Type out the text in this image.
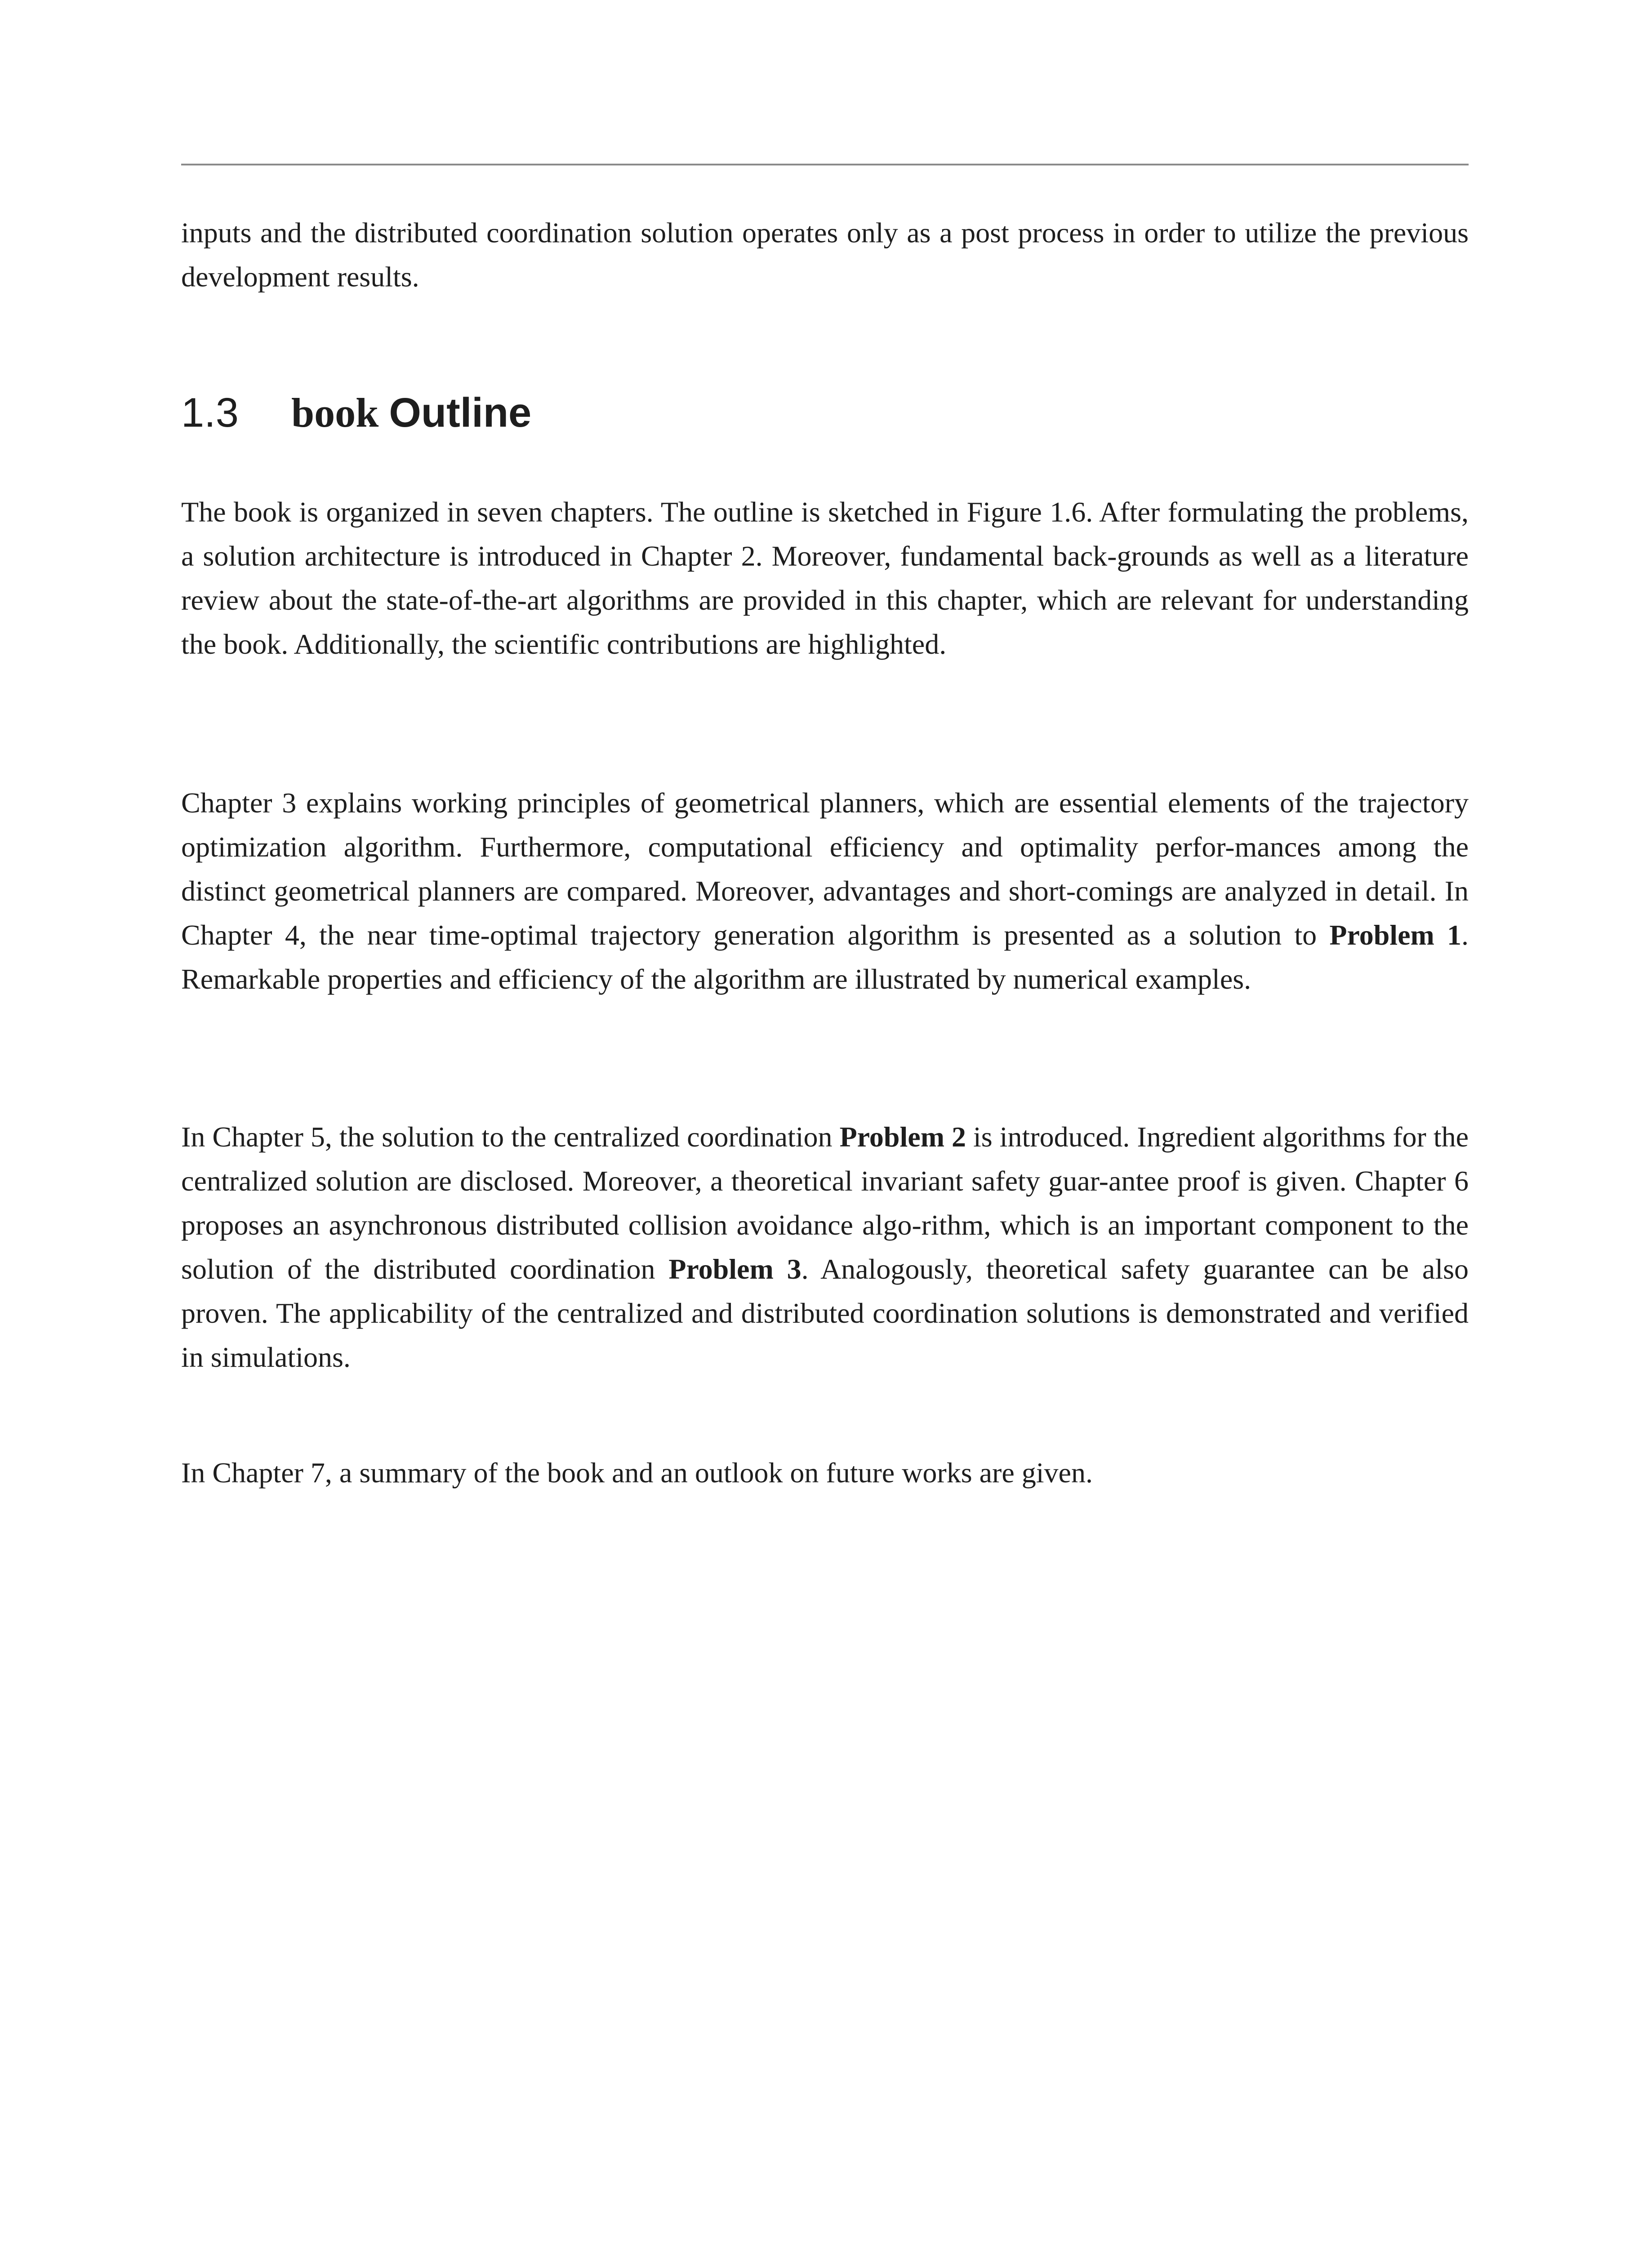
inputs and the distributed coordination solution operates only as a post process in order to utilize the previous development results.

1.3	book
Outline

The book is organized in seven chapters. The outline is sketched in Figure 1.6. After formulating the problems, a solution architecture is introduced in Chapter 2. Moreover, fundamental back-grounds as well as a literature review about the state-of-the-art algorithms are provided in this chapter, which are relevant for understanding the book. Additionally, the scientific contributions are highlighted.

Chapter 3 explains working principles of geometrical planners, which are essential elements of the trajectory optimization algorithm. Furthermore, computational efficiency and optimality perfor-mances among the distinct geometrical planners are compared. Moreover, advantages and short-comings are analyzed in detail. In Chapter 4, the near time-optimal trajectory generation algorithm is presented as a solution to Problem 1. Remarkable properties and efficiency of the algorithm are illustrated by numerical examples.

In Chapter 5, the solution to the centralized coordination Problem 2 is introduced. Ingredient algorithms for the centralized solution are disclosed. Moreover, a theoretical invariant safety guar-antee proof is given. Chapter 6 proposes an asynchronous distributed collision avoidance algo-rithm, which is an important component to the solution of the distributed coordination Problem 3. Analogously, theoretical safety guarantee can be also proven. The applicability of the centralized and distributed coordination solutions is demonstrated and verified in simulations.

In Chapter 7, a summary of the book and an outlook on future works are given.
